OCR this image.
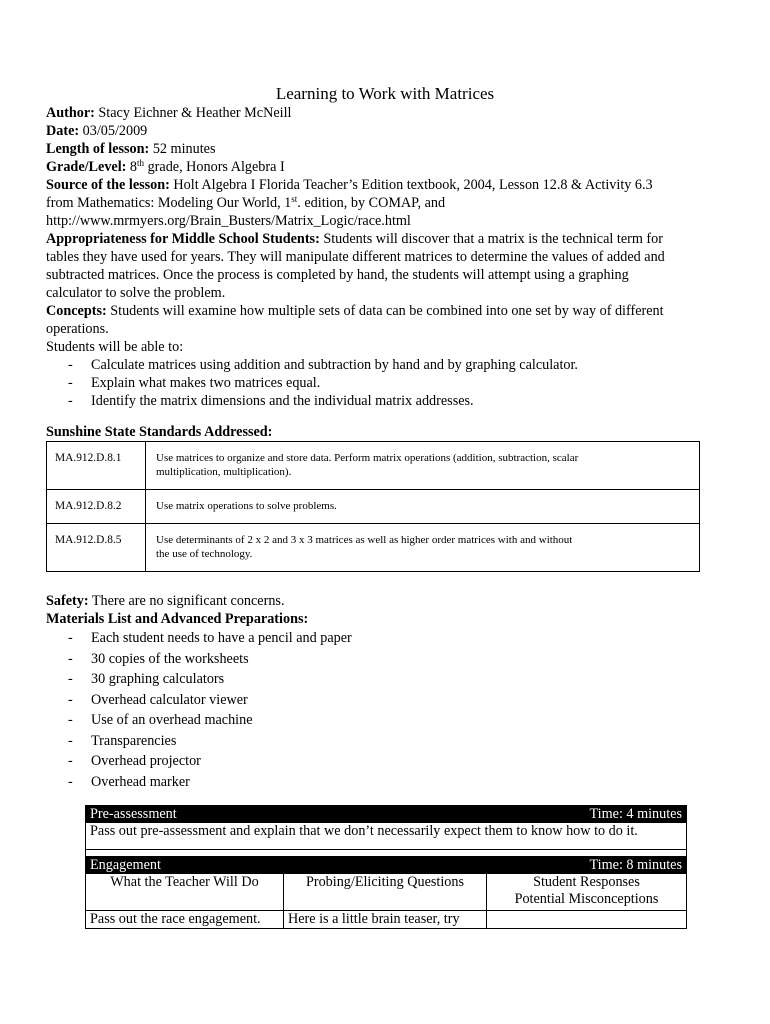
Learning to Work with Matrices
Author: Stacy Eichner & Heather McNeill
Date: 03/05/2009
Length of lesson: 52 minutes
Grade/Level: 8th grade, Honors Algebra I
Source of the lesson: Holt Algebra I Florida Teacher’s Edition textbook, 2004, Lesson 12.8 & Activity 6.3
from Mathematics: Modeling Our World, 1st. edition, by COMAP, and
http://www.mrmyers.org/Brain_Busters/Matrix_Logic/race.html
Appropriateness for Middle School Students: Students will discover that a matrix is the technical term for
tables they have used for years. They will manipulate different matrices to determine the values of added and
subtracted matrices. Once the process is completed by hand, the students will attempt using a graphing
calculator to solve the problem.
Concepts: Students will examine how multiple sets of data can be combined into one set by way of different
operations.
Students will be able to:
- Calculate matrices using addition and subtraction by hand and by graphing calculator.
- Explain what makes two matrices equal.
- Identify the matrix dimensions and the individual matrix addresses.
Sunshine State Standards Addressed:
MA.912.D.8.1	Use matrices to organize and store data. Perform matrix operations (addition, subtraction, scalar
multiplication, multiplication).

MA.912.D.8.2	Use matrix operations to solve problems.

MA.912.D.8.5	Use determinants of 2 x 2 and 3 x 3 matrices as well as higher order matrices with and without
the use of technology.
Safety: There are no significant concerns.
Materials List and Advanced Preparations:
- Each student needs to have a pencil and paper
- 30 copies of the worksheets
- 30 graphing calculators
- Overhead calculator viewer
- Use of an overhead machine
- Transparencies
- Overhead projector
- Overhead marker
Pre-assessment Time: 4 minutes		

Pass out pre-assessment and explain that we don’t necessarily expect them to know how to do it.		

Engagement Time: 8 minutes		

What the Teacher Will Do	Probing/Eliciting Questions	Student Responses
Potential Misconceptions

Pass out the race engagement.	Here is a little brain teaser, try	
